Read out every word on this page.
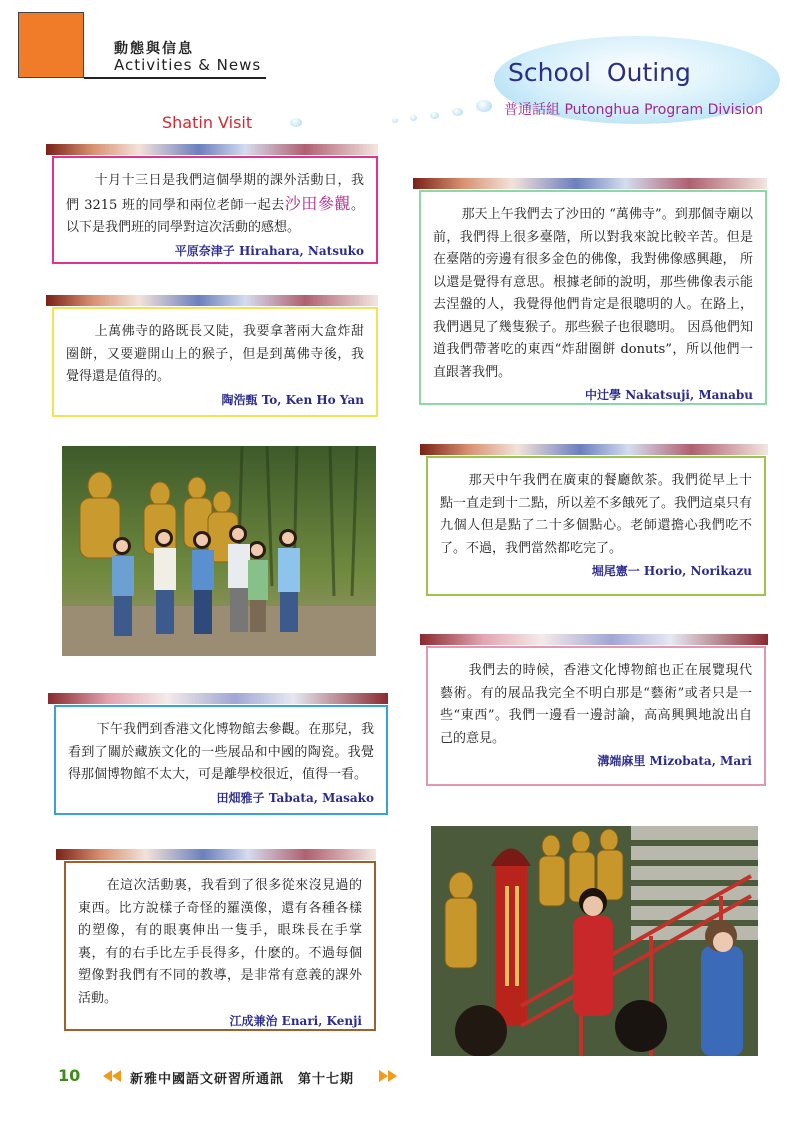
動態與信息
Activities & News	School  Outing
普通話組 Putonghua Program Division
Shatin Visit

十月十三日是我們這個學期的課外活動日，我們 3215 班的同學和兩位老師一起去沙田參觀。以下是我們班的同學對這次活動的感想。

平原奈津子 Hirahara, Natsuko

上萬佛寺的路既長又陡，我要拿著兩大盒炸甜圈餅，又要避開山上的猴子，但是到萬佛寺後，我覺得還是值得的。

陶浩甄 To, Ken Ho Yan

那天上午我們去了沙田的 “萬佛寺”。到那個寺廟以前，我們得上很多臺階，所以對我來說比較辛苦。但是在臺階的旁邊有很多金色的佛像，我對佛像感興趣， 所以還是覺得有意思。根據老師的說明，那些佛像表示能去涅盤的人，我覺得他們肯定是很聰明的人。在路上，我們遇見了幾隻猴子。那些猴子也很聰明。 因爲他們知道我們帶著吃的東西“炸甜圈餅 donuts”，所以他們一直跟著我們。

中辻學 Nakatsuji, Manabu

那天中午我們在廣東的餐廳飲茶。我們從早上十點一直走到十二點，所以差不多餓死了。我們這桌只有九個人但是點了二十多個點心。老師還擔心我們吃不了。不過，我們當然都吃完了。

堀尾憲一 Horio, Norikazu

我們去的時候，香港文化博物館也正在展覽現代藝術。有的展品我完全不明白那是“藝術”或者只是一些“東西”。我們一邊看一邊討論，高高興興地說出自己的意見。

溝端麻里 Mizobata, Mari

下午我們到香港文化博物館去參觀。在那兒，我看到了關於藏族文化的一些展品和中國的陶瓷。我覺得那個博物館不太大，可是離學校很近，值得一看。

田畑雅子 Tabata, Masako

在這次活動裏，我看到了很多從來沒見過的東西。比方說樣子奇怪的羅漢像，還有各種各樣的塑像，有的眼裏伸出一隻手，眼珠長在手掌裏，有的右手比左手長得多，什麽的。不過每個塑像對我們有不同的教導，是非常有意義的課外活動。

江成兼治 Enari, Kenji
10	新雅中國語文研習所通訊　第十七期
